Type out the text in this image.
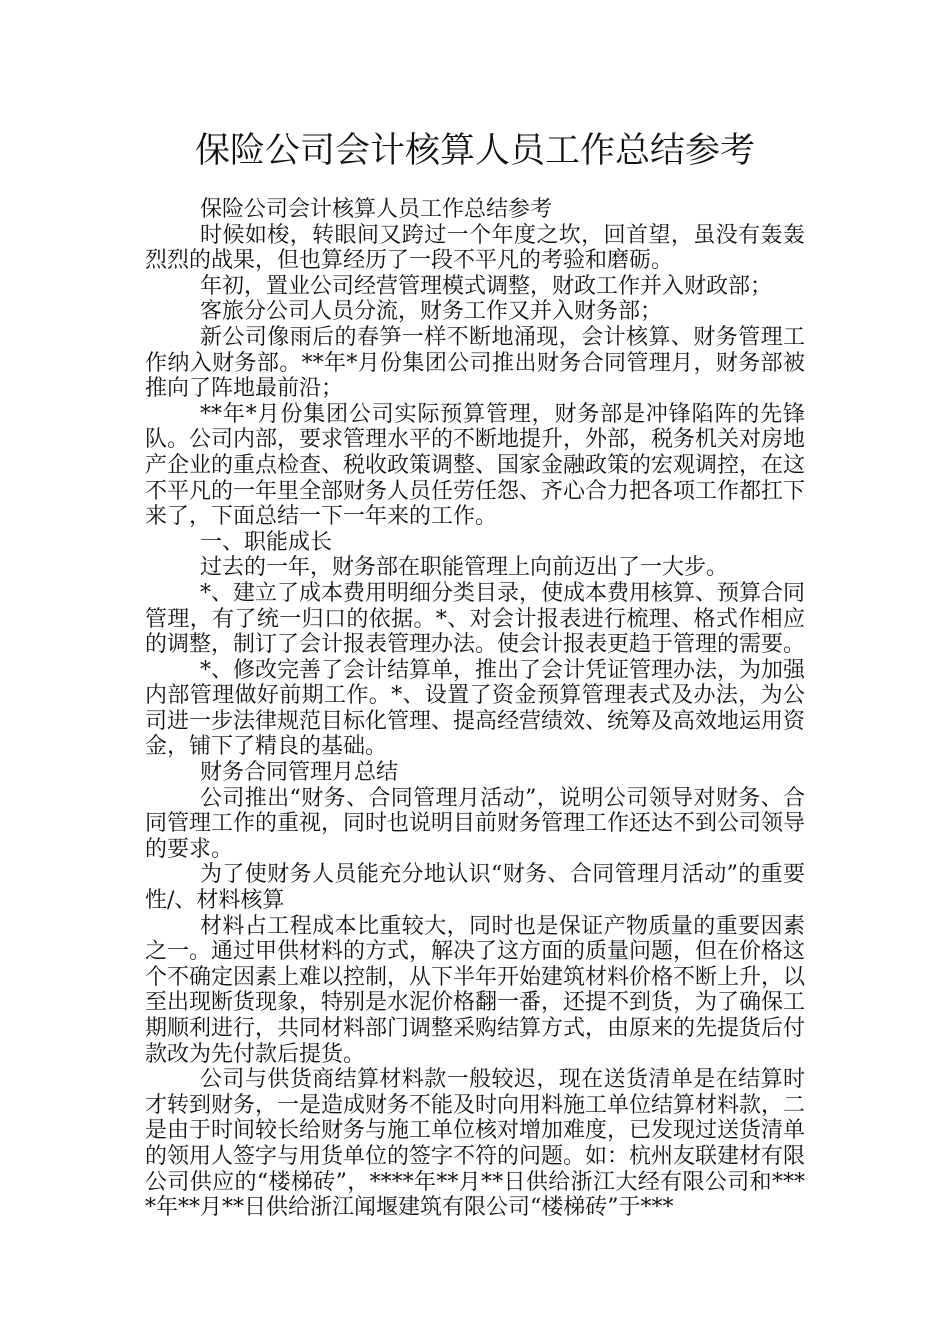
保险公司会计核算人员工作总结参考

保险公司会计核算人员工作总结参考

时候如梭，转眼间又跨过一个年度之坎，回首望，虽没有轰轰烈烈的战果，但也算经历了一段不平凡的考验和磨砺。

年初，置业公司经营管理模式调整，财政工作并入财政部；

客旅分公司人员分流，财务工作又并入财务部；

新公司像雨后的春笋一样不断地涌现，会计核算、财务管理工作纳入财务部。**年*月份集团公司推出财务合同管理月，财务部被推向了阵地最前沿；

**年*月份集团公司实际预算管理，财务部是冲锋陷阵的先锋队。公司内部，要求管理水平的不断地提升，外部，税务机关对房地产企业的重点检查、税收政策调整、国家金融政策的宏观调控，在这不平凡的一年里全部财务人员任劳任怨、齐心合力把各项工作都扛下来了，下面总结一下一年来的工作。

一、职能成长

过去的一年，财务部在职能管理上向前迈出了一大步。

*、建立了成本费用明细分类目录，使成本费用核算、预算合同管理，有了统一归口的依据。*、对会计报表进行梳理、格式作相应的调整，制订了会计报表管理办法。使会计报表更趋于管理的需要。

*、修改完善了会计结算单，推出了会计凭证管理办法，为加强内部管理做好前期工作。*、设置了资金预算管理表式及办法，为公司进一步法律规范目标化管理、提高经营绩效、统筹及高效地运用资金，铺下了精良的基础。

财务合同管理月总结

公司推出“财务、合同管理月活动”，说明公司领导对财务、合同管理工作的重视，同时也说明目前财务管理工作还达不到公司领导的要求。

为了使财务人员能充分地认识“财务、合同管理月活动”的重要性/、材料核算

材料占工程成本比重较大，同时也是保证产物质量的重要因素之一。通过甲供材料的方式，解决了这方面的质量问题，但在价格这个不确定因素上难以控制，从下半年开始建筑材料价格不断上升，以至出现断货现象，特别是水泥价格翻一番，还提不到货，为了确保工期顺利进行，共同材料部门调整采购结算方式，由原来的先提货后付款改为先付款后提货。

公司与供货商结算材料款一般较迟，现在送货清单是在结算时才转到财务，一是造成财务不能及时向用料施工单位结算材料款，二是由于时间较长给财务与施工单位核对增加难度，已发现过送货清单的领用人签字与用货单位的签字不符的问题。如：杭州友联建材有限公司供应的“楼梯砖”，****年**月**日供给浙江大经有限公司和****年**月**日供给浙江闻堰建筑有限公司“楼梯砖”于***
